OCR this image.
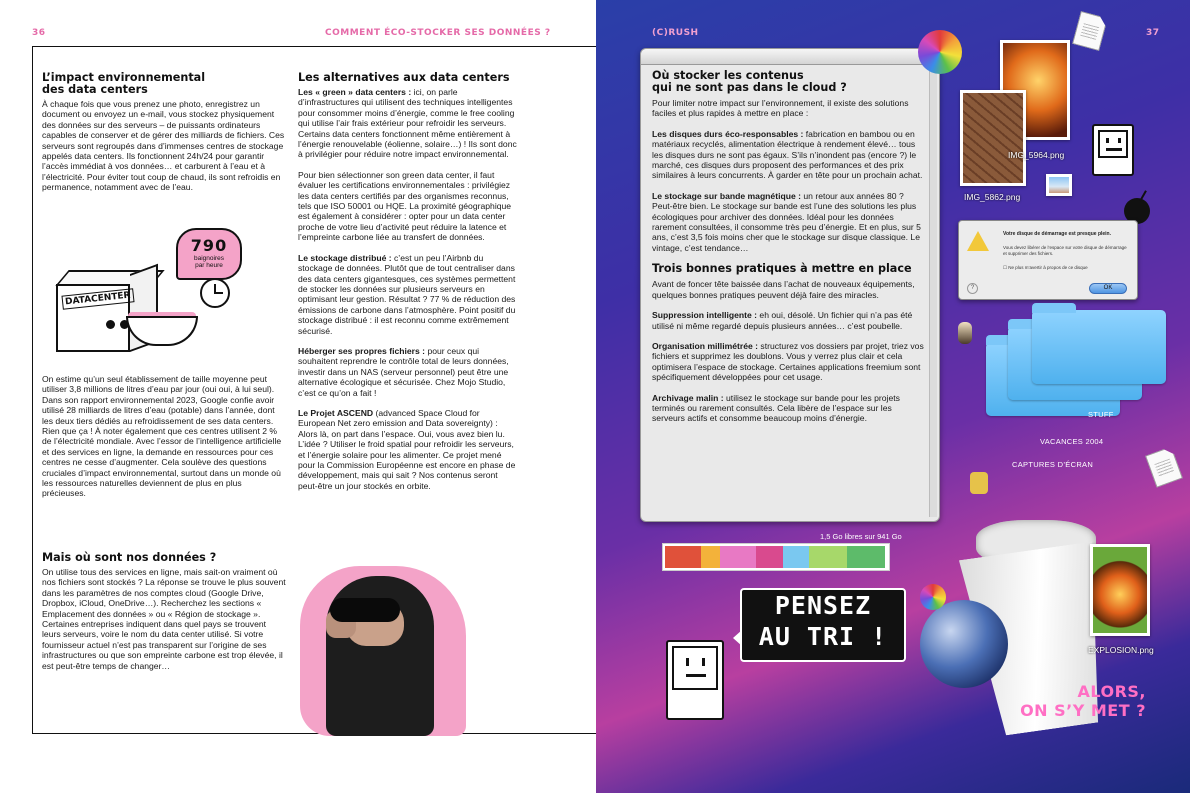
36	COMMENT ÉCO-STOCKER SES DONNÉES ?
L’impact environnemental
des data centers

À chaque fois que vous prenez une photo, enregistrez un document ou envoyez un e-mail, vous stockez physiquement des données sur des serveurs – de puissants ordinateurs capables de conserver et de gérer des milliards de fichiers. Ces serveurs sont regroupés dans d’immenses centres de stockage appelés data centers. Ils fonctionnent 24h/24 pour garantir l’accès immédiat à vos données… et carburent à l’eau et à l’électricité. Pour éviter tout coup de chaud, ils sont refroidis en permanence, notamment avec de l’eau.

DATACENTER
790
baignoires
par heure

On estime qu’un seul établissement de taille moyenne peut utiliser 3,8 millions de litres d’eau par jour (oui oui, à lui seul). Dans son rapport environnemental 2023, Google confie avoir utilisé 28 milliards de litres d’eau (potable) dans l’année, dont les deux tiers dédiés au refroidissement de ses data centers. Rien que ça ! À noter également que ces centres utilisent 2 % de l’électricité mondiale. Avec l’essor de l’intelligence artificielle et des services en ligne, la demande en ressources pour ces centres ne cesse d’augmenter. Cela soulève des questions cruciales d’impact environnemental, surtout dans un monde où les ressources naturelles deviennent de plus en plus précieuses.

Mais où sont nos données ?

On utilise tous des services en ligne, mais sait-on vraiment où nos fichiers sont stockés ? La réponse se trouve le plus souvent dans les paramètres de nos comptes cloud (Google Drive, Dropbox, iCloud, OneDrive…). Recherchez les sections « Emplacement des données » ou « Région de stockage ». Certaines entreprises indiquent dans quel pays se trouvent leurs serveurs, voire le nom du data center utilisé. Si votre fournisseur actuel n’est pas transparent sur l’origine de ses infrastructures ou que son empreinte carbone est trop élevée, il est peut-être temps de changer…

Les alternatives aux data centers

Les « green » data centers : ici, on parle d’infrastructures qui utilisent des techniques intelligentes pour consommer moins d’énergie, comme le free cooling qui utilise l’air frais extérieur pour refroidir les serveurs. Certains data centers fonctionnent même entièrement à l’énergie renouvelable (éolienne, solaire…) ! Ils sont donc à privilégier pour réduire notre impact environnemental.

Pour bien sélectionner son green data center, il faut évaluer les certifications environnementales : privilégiez les data centers certifiés par des organismes reconnus, tels que ISO 50001 ou HQE. La proximité géographique est également à considérer : opter pour un data center proche de votre lieu d’activité peut réduire la latence et l’empreinte carbone liée au transfert de données.

Le stockage distribué : c’est un peu l’Airbnb du stockage de données. Plutôt que de tout centraliser dans des data centers gigantesques, ces systèmes permettent de stocker les données sur plusieurs serveurs en optimisant leur gestion. Résultat ? 77 % de réduction des émissions de carbone dans l’atmosphère. Point positif du stockage distribué : il est reconnu comme extrêmement sécurisé.

Héberger ses propres fichiers : pour ceux qui souhaitent reprendre le contrôle total de leurs données, investir dans un NAS (serveur personnel) peut être une alternative écologique et sécurisée. Chez Mojo Studio, c’est ce qu’on a fait !

Le Projet ASCEND (advanced Space Cloud for European Net zero emission and Data sovereignty) : Alors là, on part dans l’espace. Oui, vous avez bien lu. L’idée ? Utiliser le froid spatial pour refroidir les serveurs, et l’énergie solaire pour les alimenter. Ce projet mené pour la Commission Européenne est encore en phase de développement, mais qui sait ? Nos contenus seront peut-être un jour stockés en orbite.

(C)RUSH	37
Où stocker les contenus
qui ne sont pas dans le cloud ?

Pour limiter notre impact sur l’environnement, il existe des solutions faciles et plus rapides à mettre en place :

Les disques durs éco-responsables : fabrication en bambou ou en matériaux recyclés, alimentation électrique à rendement élevé… tous les disques durs ne sont pas égaux. S’ils n’inondent pas (encore ?) le marché, ces disques durs proposent des performances et des prix similaires à leurs concurrents. À garder en tête pour un prochain achat.

Le stockage sur bande magnétique : un retour aux années 80 ? Peut-être bien. Le stockage sur bande est l’une des solutions les plus écologiques pour archiver des données. Idéal pour les données rarement consultées, il consomme très peu d’énergie. Et en plus, sur 5 ans, c’est 3,5 fois moins cher que le stockage sur disque classique. Le vintage, c’est tendance…

Trois bonnes pratiques à mettre en place

Avant de foncer tête baissée dans l’achat de nouveaux équipements, quelques bonnes pratiques peuvent déjà faire des miracles.

Suppression intelligente : eh oui, désolé. Un fichier qui n’a pas été utilisé ni même regardé depuis plusieurs années… c’est poubelle.

Organisation millimétrée : structurez vos dossiers par projet, triez vos fichiers et supprimez les doublons. Vous y verrez plus clair et cela optimisera l’espace de stockage. Certaines applications freemium sont spécifiquement développées pour cet usage.

Archivage malin : utilisez le stockage sur bande pour les projets terminés ou rarement consultés. Cela libère de l’espace sur les serveurs actifs et consomme beaucoup moins d’énergie.

IMG_5964.png
IMG_5862.png
Votre disque de démarrage est presque plein.
Vous devez libérer de l’espace sur votre disque de démarrage et supprimer des fichiers.
☐ Ne plus m’avertir à propos de ce disque
?	OK
STUFF
VACANCES 2004
CAPTURES D’ÉCRAN
1,5 Go libres sur 941 Go
PENSEZ
AU TRI !	EXPLOSION.png
ALORS,
ON S’Y MET ?
